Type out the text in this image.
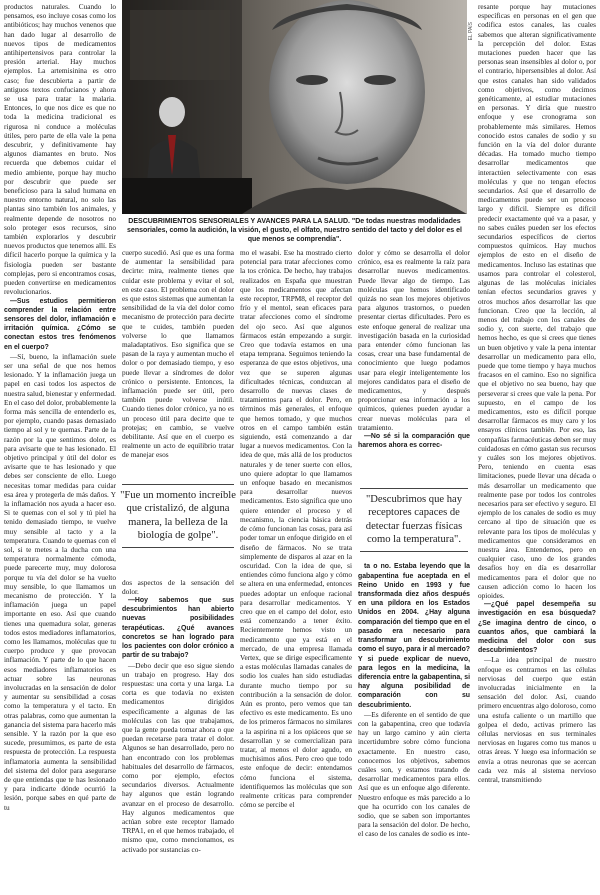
EL PAÍS
DESCUBRIMIENTOS SENSORIALES Y AVANCES PARA LA SALUD. "De todas nuestras modalidades sensoriales, como la audición, la visión, el gusto, el olfato, nuestro sentido del tacto y del dolor es el que menos se comprendía".

productos naturales. Cuando lo pensamos, eso incluye cosas como los antibióticos; hay muchos venenos que han dado lugar al desarrollo de nuevos tipos de medicamentos antihipertensivos para controlar la presión arterial. Hay muchos ejemplos. La artemisinina es otro caso; fue descubierta a partir de antiguos textos confucianos y ahora se usa para tratar la malaria. Entonces, lo que nos dice es que no toda la medicina tradicional es rigurosa ni conduce a moléculas útiles, pero parte de ella vale la pena descubrir, y definitivamente hay algunos diamantes en bruto. Nos recuerda que debemos cuidar el medio ambiente, porque hay mucho por descubrir que puede ser beneficioso para la salud humana en nuestro entorno natural, no solo las plantas sino también los animales, y realmente depende de nosotros no solo proteger esos recursos, sino también explorarlos y descubrir nuevos productos que tenemos allí. Es difícil hacerlo porque la química y la fisiología pueden ser bastante complejas, pero si encontramos cosas, pueden convertirse en medicamentos revolucionarios.

—Sus estudios permitieron comprender la relación entre sensores del dolor, inflamación e irritación química. ¿Cómo se conectan estos tres fenómenos en el cuerpo?

—Sí, bueno, la inflamación suele ser una señal de que nos hemos lesionado. Y la inflamación juega un papel en casi todos los aspectos de nuestra salud, bienestar y enfermedad. En el caso del dolor, probablemente la forma más sencilla de entenderlo es, por ejemplo, cuando pasas demasiado tiempo al sol y te quemas. Parte de la razón por la que sentimos dolor, es para avisarte que te has lesionado. El objetivo principal y útil del dolor es avisarte que te has lesionado y que debes ser consciente de ello. Luego necesitas tomar medidas para cuidar esa área y protegerla de más daños. Y la inflamación nos ayuda a hacer eso. Si te quemas con el sol y tú piel ha tenido demasiado tiempo, te vuelve muy sensible al tacto y a la temperatura. Cuando te quemas con el sol, si te metes a la ducha con una temperatura normalmente cómoda, puede parecerte muy, muy dolorosa porque tu vía del dolor se ha vuelto muy sensible, lo que llamamos un mecanismo de protección. Y la inflamación juega un papel importante en eso. Así que cuando tienes una quemadura solar, generas todos estos mediadores inflamatorios, como les llamamos, moléculas que tu cuerpo produce y que provocan inflamación. Y parte de lo que hacen esos mediadores inflamatorios es actuar sobre las neuronas involucradas en la sensación de dolor y aumentar su sensibilidad a cosas como la temperatura y el tacto. En otras palabras, como que aumentan la ganancia del sistema para hacerlo más sensible. Y la razón por la que eso sucede, presumimos, es parte de esta respuesta de protección. La respuesta inflamatoria aumenta la sensibilidad del sistema del dolor para asegurarse de que entiendas que te has lesionado y para indicarte dónde ocurrió la lesión, porque sabes en qué parte de tu

cuerpo sucedió. Así que es una forma de aumentar la sensibilidad para decirte: mira, realmente tienes que cuidar este problema y evitar el sol, en este caso. El problema con el dolor es que estos sistemas que aumentan la sensibilidad de la vía del dolor como mecanismo de protección para decirte que te cuides, también pueden volverse lo que llamamos maladaptativos. Eso significa que se pasan de la raya y aumentan mucho el dolor o por demasiado tiempo, y eso puede llevar a síndromes de dolor crónico o persistente. Entonces, la inflamación puede ser útil, pero también puede volverse inútil. Cuando tienes dolor crónico, ya no es un proceso útil para decirte que te protejas; en cambio, se vuelve debilitante. Así que en el cuerpo es realmente un acto de equilibrio tratar de manejar esos

dos aspectos de la sensación del dolor.

—Hoy sabemos que sus descubrimientos han abierto nuevas posibilidades terapéuticas. ¿Qué avances concretos se han logrado para los pacientes con dolor crónico a partir de su trabajo?

—Debo decir que eso sigue siendo un trabajo en progreso. Hay dos respuestas: una corta y una larga. La corta es que todavía no existen medicamentos dirigidos específicamente a algunas de las moléculas con las que trabajamos, que la gente pueda tomar ahora o que puedan recetarse para tratar el dolor. Algunos se han desarrollado, pero no han encontrado con los problemas habituales del desarrollo de fármacos, como por ejemplo, efectos secundarios diversos. Actualmente hay algunos que están logrando avanzar en el proceso de desarrollo. Hay algunos medicamentos que actúan sobre este receptor llamado TRPA1, en el que hemos trabajado, el mismo que, como mencionamos, es activado por sustancias co-

"Fue un momento increíble que cristalizó, de alguna manera, la belleza de la biología de golpe".

mo el wasabi. Ese ha mostrado cierto potencial para tratar afecciones como la tos crónica. De hecho, hay trabajos realizados en España que muestran que los medicamentos que afectan este receptor, TRPM8, el receptor del frío y el mentol, sean eficaces para tratar afecciones como el síndrome del ojo seco. Así que algunos fármacos están empezando a surgir. Creo que todavía estamos en una etapa temprana. Seguimos teniendo la esperanza de que estos objetivos, una vez que se superen algunas dificultades técnicas, conduzcan al desarrollo de nuevas clases de tratamientos para el dolor. Pero, en términos más generales, el enfoque que hemos tomado, y que muchos otros en el campo también están siguiendo, está comenzando a dar lugar a nuevos medicamentos. Con la idea de que, más allá de los productos naturales y de tener suerte con ellos, uno quiere adoptar lo que llamamos un enfoque basado en mecanismos para desarrollar nuevos medicamentos. Esto significa que uno quiere entender el proceso y el mecanismo, la ciencia básica detrás de cómo funcionan las cosas, para así poder tomar un enfoque dirigido en el diseño de fármacos. No se trata simplemente de disparos al azar en la oscuridad. Con la idea de que, si entiendes cómo funciona algo y cómo se altera en una enfermedad, entonces puedes adoptar un enfoque racional para desarrollar medicamentos. Y creo que en el campo del dolor, esto está comenzando a tener éxito. Recientemente hemos visto un medicamento que ya está en el mercado, de una empresa llamada Vertex, que se dirige específicamente a estas moléculas llamadas canales de sodio los cuales han sido estudiadas durante mucho tiempo por su contribución a la sensación de dolor. Aún es pronto, pero vemos que tan efectivo es este medicamento. Es uno de los primeros fármacos no similares a la aspirina ni a los opiáceos que se desarrollan y se comercializan para tratar, al menos el dolor agudo, en muchísimos años. Pero creo que todo este enfoque de decir: entendamos cómo funciona el sistema, identifiquemos las moléculas que son realmente críticas para comprender cómo se percibe el

dolor y cómo se desarrolla el dolor crónico, esa es realmente la raíz para desarrollar nuevos medicamentos. Puede llevar algo de tiempo. Las moléculas que hemos identificado quizás no sean los mejores objetivos para algunos trastornos, o pueden presentar ciertas dificultades. Pero es este enfoque general de realizar una investigación basada en la curiosidad para entender cómo funcionan las cosas, crear una base fundamental de conocimiento que luego podamos usar para elegir inteligentemente los mejores candidatos para el diseño de medicamentos, y después proporcionar esa información a los químicos, quienes pueden ayudar a crear nuevas moléculas para el tratamiento.

—No sé si la comparación que haremos ahora es correc-

ta o no. Estaba leyendo que la gabapentina fue aceptada en el Reino Unido en 1993 y fue transformada diez años después en una píldora en los Estados Unidos en 2004. ¿Hay alguna comparación del tiempo que en el pasado era necesario para transformar un descubrimiento como el suyo, para ir al mercado? Y si puede explicar de nuevo, para legos en la medicina, la diferencia entre la gabapentina, si hay alguna posibilidad de comparación con su descubrimiento.

—Es diferente en el sentido de que con la gabapentina, creo que todavía hay un largo camino y aún cierta incertidumbre sobre cómo funciona exactamente. En nuestro caso, conocemos los objetivos, sabemos cuáles son, y estamos tratando de desarrollar medicamentos para ellos. Así que es un enfoque algo diferente. Nuestro enfoque es más parecido a lo que ha ocurrido con los canales de sodio, que se saben son importantes para la sensación del dolor. De hecho, el caso de los canales de sodio es inte-

"Descubrimos que hay receptores capaces de detectar fuerzas físicas como la temperatura".

resante porque hay mutaciones específicas en personas en el gen que codifica estos canales, las cuales sabemos que alteran significativamente la percepción del dolor. Estas mutaciones pueden hacer que las personas sean insensibles al dolor o, por el contrario, hipersensibles al dolor. Así que estos canales han sido validados como objetivos, como decimos genéticamente, al estudiar mutaciones en personas. Y diría que nuestro enfoque y ese cronograma son probablemente más similares. Hemos conocido estos canales de sodio y su función en la vía del dolor durante décadas. Ha tomado mucho tiempo desarrollar medicamentos que interactúen selectivamente con esas moléculas y que no tengan efectos secundarios. Así que el desarrollo de medicamentos puede ser un proceso largo y difícil. Siempre es difícil predecir exactamente qué va a pasar, y no sabes cuáles pueden ser los efectos secundarios específicos de ciertos compuestos químicos. Hay muchos ejemplos de esto en el diseño de medicamentos. Incluso las estatinas que usamos para controlar el colesterol, algunas de las moléculas iniciales tenían efectos secundarios graves y otros muchos años desarrollar las que funcionan. Creo que la lección, al menos del trabajo con los canales de sodio y, con suerte, del trabajo que hemos hecho, es que si crees que tienes un buen objetivo y vale la pena intentar desarrollar un medicamento para ello, puede que tome tiempo y haya muchos fracasos en el camino. Eso no significa que el objetivo no sea bueno, hay que perseverar si crees que vale la pena. Por supuesto, en el campo de los medicamentos, esto es difícil porque desarrollar fármacos es muy caro y los ensayos clínicos también. Por eso, las compañías farmacéuticas deben ser muy cuidadosas en cómo gastan sus recursos y cuáles son los mejores objetivos. Pero, teniendo en cuenta esas limitaciones, puede llevar una década o más desarrollar un medicamento que realmente pase por todos los controles necesarios para ser efectivo y seguro. El ejemplo de los canales de sodio es muy cercano al tipo de situación que es relevante para los tipos de moléculas y medicamentos que consideramos en nuestra área. Entendemos, pero en cualquier caso, uno de los grandes desafíos hoy en día es desarrollar medicamentos para el dolor que no causen adicción como lo hacen los opioides.

—¿Qué papel desempeña su investigación en esa búsqueda? ¿Se imagina dentro de cinco, o cuantos años, que cambiará la medicina del dolor con sus descubrimientos?

—La idea principal de nuestro enfoque es centrarnos en las células nerviosas del cuerpo que están involucradas inicialmente en la sensación del dolor. Así, cuando primero encuentras algo doloroso, como una estufa caliente o un martillo que golpea el dedo, activas primero las células nerviosas en sus terminales nerviosas en lugares como tus manos u otras áreas. Y luego esa información se envía a otras neuronas que se acercan cada vez más al sistema nervioso central, transmitiendo
